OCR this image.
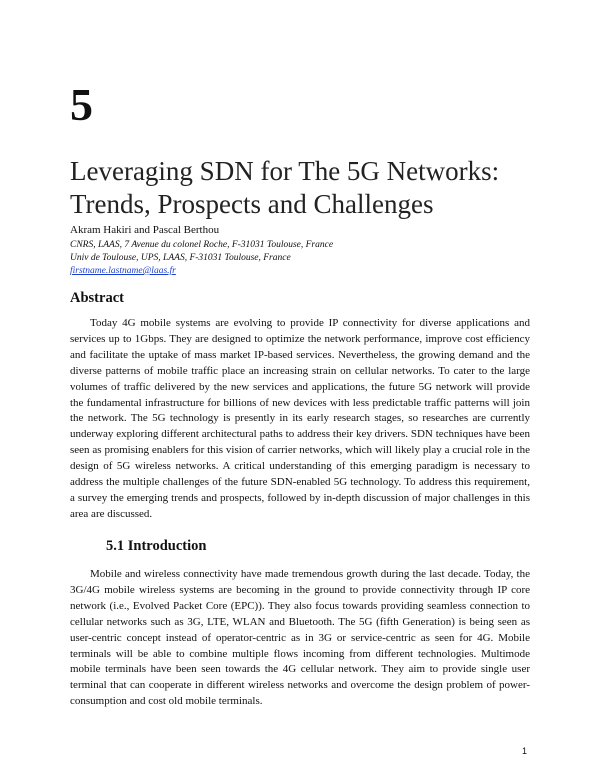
5
Leveraging SDN for The 5G Networks:
Trends, Prospects and Challenges
Akram Hakiri and Pascal Berthou
CNRS, LAAS, 7 Avenue du colonel Roche, F-31031 Toulouse, France
Univ de Toulouse, UPS, LAAS, F-31031 Toulouse, France
firstname.lastname@laas.fr
Abstract

Today 4G mobile systems are evolving to provide IP connectivity for diverse applications and services up to 1Gbps. They are designed to optimize the network performance, improve cost efficiency and facilitate the uptake of mass market IP-based services. Nevertheless, the growing demand and the diverse patterns of mobile traffic place an increasing strain on cellular networks. To cater to the large volumes of traffic delivered by the new services and applications, the future 5G network will provide the fundamental infrastructure for billions of new devices with less predictable traffic patterns will join the network. The 5G technology is presently in its early research stages, so researches are currently underway exploring different architectural paths to address their key drivers. SDN techniques have been seen as promising enablers for this vision of carrier networks, which will likely play a crucial role in the design of 5G wireless networks. A critical understanding of this emerging paradigm is necessary to address the multiple challenges of the future SDN-enabled 5G technology. To address this requirement, a survey the emerging trends and prospects, followed by in-depth discussion of major challenges in this area are discussed.

5.1 Introduction

Mobile and wireless connectivity have made tremendous growth during the last decade. Today, the 3G/4G mobile wireless systems are becoming in the ground to provide connectivity through IP core network (i.e., Evolved Packet Core (EPC)). They also focus towards providing seamless connection to cellular networks such as 3G, LTE, WLAN and Bluetooth. The 5G (fifth Generation) is being seen as user-centric concept instead of operator-centric as in 3G or service-centric as seen for 4G. Mobile terminals will be able to combine multiple flows incoming from different technologies. Multimode mobile terminals have been seen towards the 4G cellular network. They aim to provide single user terminal that can cooperate in different wireless networks and overcome the design problem of power-consumption and cost old mobile terminals.

1
